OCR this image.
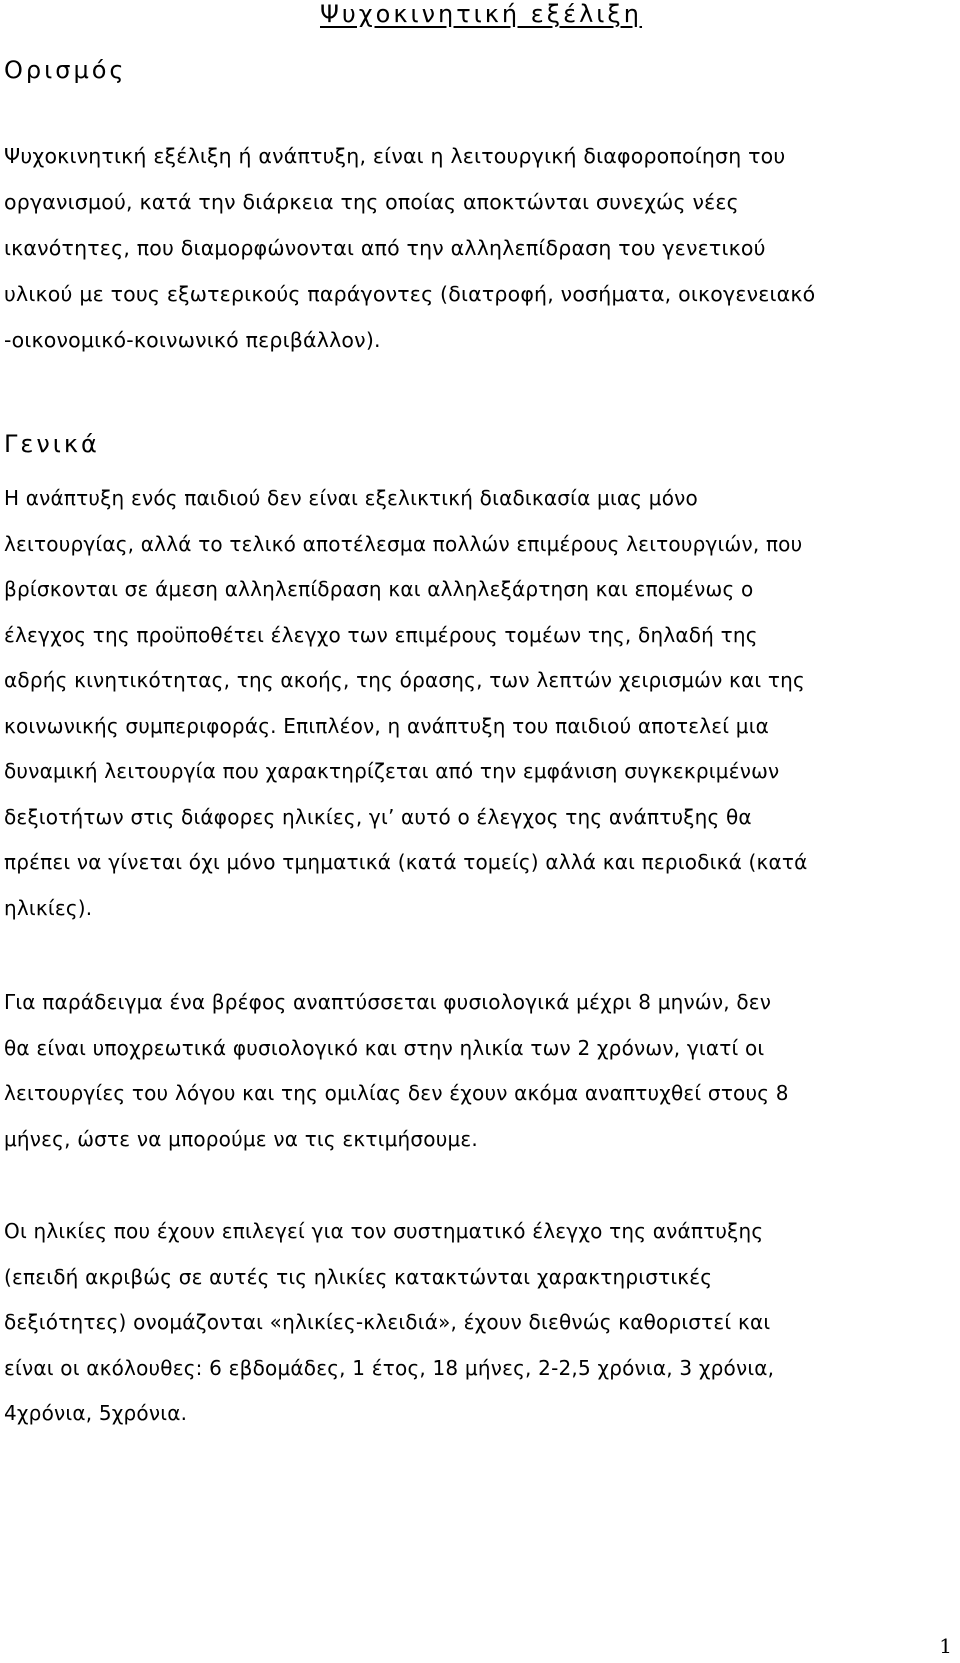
Ψυχοκινητική εξέλιξη
Ορισμός
Ψυχοκινητική εξέλιξη ή ανάπτυξη, είναι η λειτουργική διαφοροποίηση του
οργανισμού, κατά την διάρκεια της οποίας αποκτώνται συνεχώς νέες
ικανότητες, που διαμορφώνονται από την αλληλεπίδραση του γενετικού
υλικού με τους εξωτερικούς παράγοντες (διατροφή, νοσήματα, οικογενειακό
-οικονομικό-κοινωνικό περιβάλλον).
Γενικά
Η ανάπτυξη ενός παιδιού δεν είναι εξελικτική διαδικασία μιας μόνο
λειτουργίας, αλλά το τελικό αποτέλεσμα πολλών επιμέρους λειτουργιών, που
βρίσκονται σε άμεση αλληλεπίδραση και αλληλεξάρτηση και επομένως ο
έλεγχος της προϋποθέτει έλεγχο των επιμέρους τομέων της, δηλαδή της
αδρής κινητικότητας, της ακοής, της όρασης, των λεπτών χειρισμών και της
κοινωνικής συμπεριφοράς. Επιπλέον, η ανάπτυξη του παιδιού αποτελεί μια
δυναμική λειτουργία που χαρακτηρίζεται από την εμφάνιση συγκεκριμένων
δεξιοτήτων στις διάφορες ηλικίες, γι’ αυτό ο έλεγχος της ανάπτυξης θα
πρέπει να γίνεται όχι μόνο τμηματικά (κατά τομείς) αλλά και περιοδικά (κατά
ηλικίες).
Για παράδειγμα ένα βρέφος αναπτύσσεται φυσιολογικά μέχρι 8 μηνών, δεν
θα είναι υποχρεωτικά φυσιολογικό και στην ηλικία των 2 χρόνων, γιατί οι
λειτουργίες του λόγου και της ομιλίας δεν έχουν ακόμα αναπτυχθεί στους 8
μήνες, ώστε να μπορούμε να τις εκτιμήσουμε.
Οι ηλικίες που έχουν επιλεγεί για τον συστηματικό έλεγχο της ανάπτυξης
(επειδή ακριβώς σε αυτές τις ηλικίες κατακτώνται χαρακτηριστικές
δεξιότητες) ονομάζονται «ηλικίες-κλειδιά», έχουν διεθνώς καθοριστεί και
είναι οι ακόλουθες: 6 εβδομάδες, 1 έτος, 18 μήνες, 2-2,5 χρόνια, 3 χρόνια,
4χρόνια, 5χρόνια.
1
